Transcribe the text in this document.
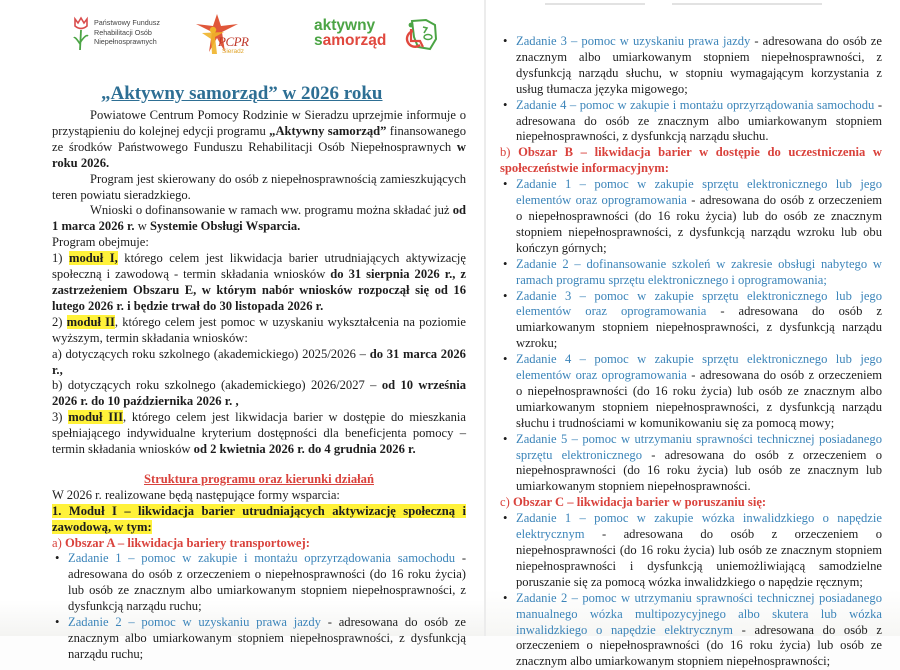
Państwowy Fundusz
Rehabilitacji Osób
Niepełnosprawnych	PCPR
Sieradz
aktywny
samorząd
„Aktywny samorząd” w 2026 roku

Powiatowe Centrum Pomocy Rodzinie w Sieradzu uprzejmie informuje o przystąpieniu do kolejnej edycji programu „Aktywny samorząd” finansowanego ze środków Państwowego Funduszu Rehabilitacji Osób Niepełnosprawnych w roku 2026.

Program jest skierowany do osób z niepełnosprawnością zamieszkujących teren powiatu sieradzkiego.

Wnioski o dofinansowanie w ramach ww. programu można składać już od 1 marca 2026 r. w Systemie Obsługi Wsparcia.

Program obejmuje:

1) moduł I, którego celem jest likwidacja barier utrudniających aktywizację społeczną i zawodową - termin składania wniosków do 31 sierpnia 2026 r., z zastrzeżeniem Obszaru E, w którym nabór wniosków rozpoczął się od 16 lutego 2026 r. i będzie trwał do 30 listopada 2026 r.

2) moduł II, którego celem jest pomoc w uzyskaniu wykształcenia na poziomie wyższym, termin składania wniosków:

a) dotyczących roku szkolnego (akademickiego) 2025/2026 – do 31 marca 2026 r.,

b) dotyczących roku szkolnego (akademickiego) 2026/2027 – od 10 września 2026 r. do 10 października 2026 r. ,

3) moduł III, którego celem jest likwidacja barier w dostępie do mieszkania spełniającego indywidualne kryterium dostępności dla beneficjenta pomocy – termin składania wniosków od 2 kwietnia 2026 r. do 4 grudnia 2026 r.

Struktura programu oraz kierunki działań

W 2026 r. realizowane będą następujące formy wsparcia:

1. Moduł I – likwidacja barier utrudniających aktywizację społeczną i zawodową, w tym:

a) Obszar A – likwidacja bariery transportowej:

• Zadanie 1 – pomoc w zakupie i montażu oprzyrządowania samochodu - adresowana do osób z orzeczeniem o niepełnosprawności (do 16 roku życia) lub osób ze znacznym albo umiarkowanym stopniem niepełnosprawności, z dysfunkcją narządu ruchu;
• Zadanie 2 – pomoc w uzyskaniu prawa jazdy - adresowana do osób ze znacznym albo umiarkowanym stopniem niepełnosprawności, z dysfunkcją narządu ruchu;
• Zadanie 3 – pomoc w uzyskaniu prawa jazdy - adresowana do osób ze znacznym albo umiarkowanym stopniem niepełnosprawności, z dysfunkcją narządu słuchu, w stopniu wymagającym korzystania z usług tłumacza języka migowego;
• Zadanie 4 – pomoc w zakupie i montażu oprzyrządowania samochodu - adresowana do osób ze znacznym albo umiarkowanym stopniem niepełnosprawności, z dysfunkcją narządu słuchu.

b) Obszar B – likwidacja barier w dostępie do uczestniczenia w społeczeństwie informacyjnym:

• Zadanie 1 – pomoc w zakupie sprzętu elektronicznego lub jego elementów oraz oprogramowania - adresowana do osób z orzeczeniem o niepełnosprawności (do 16 roku życia) lub do osób ze znacznym stopniem niepełnosprawności, z dysfunkcją narządu wzroku lub obu kończyn górnych;
• Zadanie 2 – dofinansowanie szkoleń w zakresie obsługi nabytego w ramach programu sprzętu elektronicznego i oprogramowania;
• Zadanie 3 – pomoc w zakupie sprzętu elektronicznego lub jego elementów oraz oprogramowania - adresowana do osób z umiarkowanym stopniem niepełnosprawności, z dysfunkcją narządu wzroku;
• Zadanie 4 – pomoc w zakupie sprzętu elektronicznego lub jego elementów oraz oprogramowania - adresowana do osób z orzeczeniem o niepełnosprawności (do 16 roku życia) lub osób ze znacznym albo umiarkowanym stopniem niepełnosprawności, z dysfunkcją narządu słuchu i trudnościami w komunikowaniu się za pomocą mowy;
• Zadanie 5 – pomoc w utrzymaniu sprawności technicznej posiadanego sprzętu elektronicznego - adresowana do osób z orzeczeniem o niepełnosprawności (do 16 roku życia) lub osób ze znacznym lub umiarkowanym stopniem niepełnosprawności.

c) Obszar C – likwidacja barier w poruszaniu się:

• Zadanie 1 – pomoc w zakupie wózka inwalidzkiego o napędzie elektrycznym - adresowana do osób z orzeczeniem o niepełnosprawności (do 16 roku życia) lub osób ze znacznym stopniem niepełnosprawności i dysfunkcją uniemożliwiającą samodzielne poruszanie się za pomocą wózka inwalidzkiego o napędzie ręcznym;
• Zadanie 2 – pomoc w utrzymaniu sprawności technicznej posiadanego manualnego wózka multipozycyjnego albo skutera lub wózka inwalidzkiego o napędzie elektrycznym - adresowana do osób z orzeczeniem o niepełnosprawności (do 16 roku życia) lub osób ze znacznym albo umiarkowanym stopniem niepełnosprawności;
